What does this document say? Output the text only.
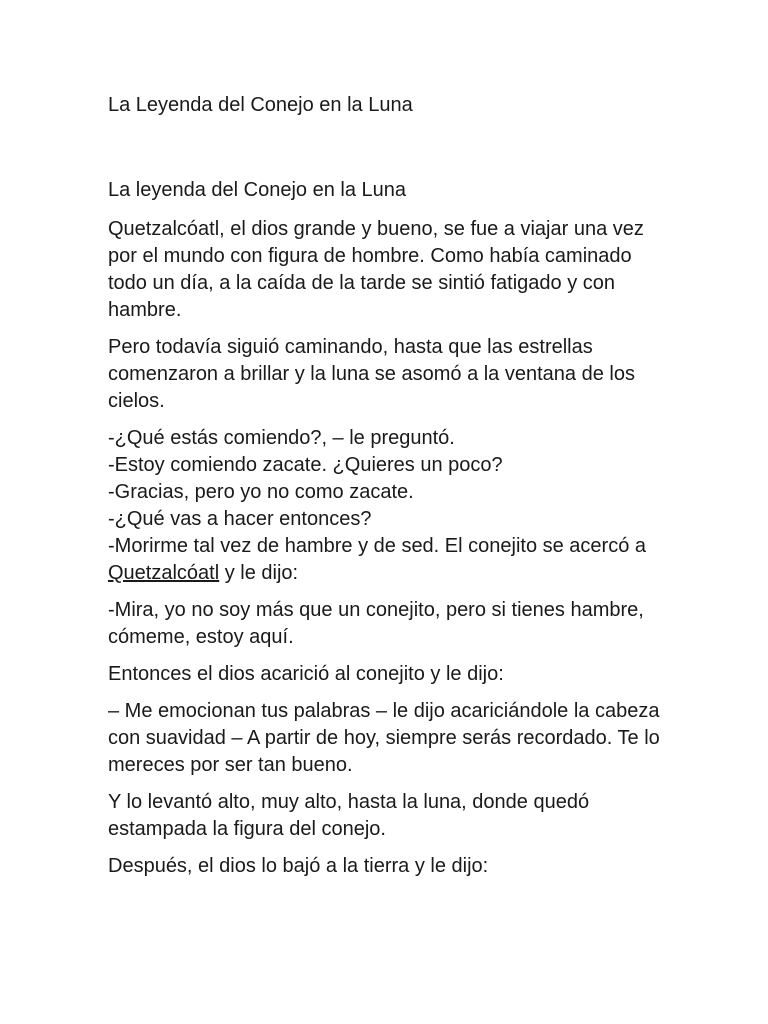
La Leyenda del Conejo en la Luna
La leyenda del Conejo en la Luna

Quetzalcóatl, el dios grande y bueno, se fue a viajar una vez por el mundo con figura de hombre. Como había caminado todo un día, a la caída de la tarde se sintió fatigado y con hambre.

Pero todavía siguió caminando, hasta que las estrellas comenzaron a brillar y la luna se asomó a la ventana de los cielos.

-¿Qué estás comiendo?, – le preguntó.
-Estoy comiendo zacate. ¿Quieres un poco?
-Gracias, pero yo no como zacate.
-¿Qué vas a hacer entonces?
-Morirme tal vez de hambre y de sed. El conejito se acercó a Quetzalcóatl y le dijo:

-Mira, yo no soy más que un conejito, pero si tienes hambre, cómeme, estoy aquí.

Entonces el dios acarició al conejito y le dijo:

– Me emocionan tus palabras – le dijo acariciándole la cabeza con suavidad – A partir de hoy, siempre serás recordado. Te lo mereces por ser tan bueno.

Y lo levantó alto, muy alto, hasta la luna, donde quedó estampada la figura del conejo.

Después, el dios lo bajó a la tierra y le dijo:
